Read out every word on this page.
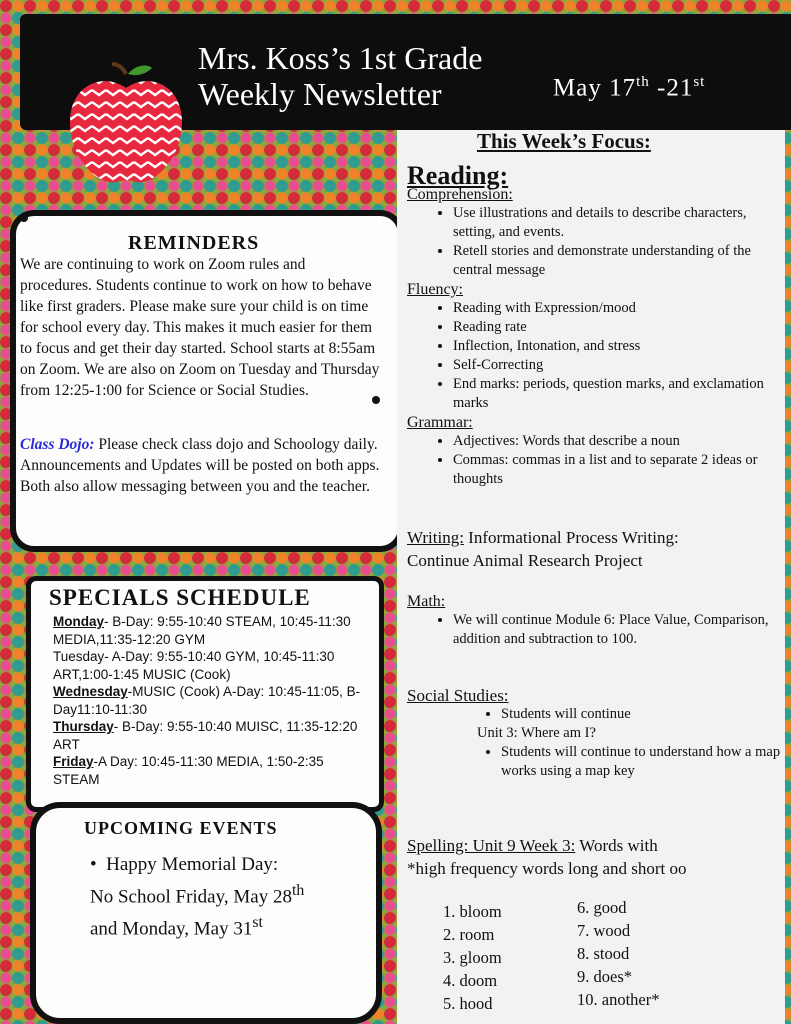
Mrs. Koss’s 1st Grade
Weekly Newsletter	May 17th -21st
REMINDERS
We are continuing to work on Zoom rules and procedures. Students continue to work on how to behave like first graders. Please make sure your child is on time for school every day. This makes it much easier for them to focus and get their day started. School starts at 8:55am on Zoom. We are also on Zoom on Tuesday and Thursday from 12:25-1:00 for Science or Social Studies.
Class Dojo: Please check class dojo and Schoology daily. Announcements and Updates will be posted on both apps. Both also allow messaging between you and the teacher.
SPECIALS SCHEDULE
Monday- B-Day: 9:55-10:40 STEAM, 10:45-11:30 MEDIA,11:35-12:20 GYM
Tuesday- A-Day: 9:55-10:40 GYM, 10:45-11:30 ART,1:00-1:45 MUSIC (Cook)
Wednesday-MUSIC (Cook) A-Day: 10:45-11:05, B-Day11:10-11:30
Thursday- B-Day: 9:55-10:40 MUISC, 11:35-12:20 ART
Friday-A Day: 10:45-11:30 MEDIA, 1:50-2:35 STEAM
UPCOMING EVENTS
• Happy Memorial Day:
No School Friday, May 28th
and Monday, May 31st
This Week’s Focus:
Reading:
Comprehension:
• Use illustrations and details to describe characters, setting, and events.
• Retell stories and demonstrate understanding of the central message
Fluency:
• Reading with Expression/mood
• Reading rate
• Inflection, Intonation, and stress
• Self-Correcting
• End marks: periods, question marks, and exclamation marks
Grammar:
• Adjectives: Words that describe a noun
• Commas: commas in a list and to separate 2 ideas or thoughts
Writing: Informational Process Writing:
Continue Animal Research Project
Math:
• We will continue Module 6: Place Value, Comparison, addition and subtraction to 100.
Social Studies:
• Students will continue
Unit 3: Where am I?
• Students will continue to understand how a map works using a map key
Spelling: Unit 9 Week 3: Words with
*high frequency words long and short oo
1. bloom
2. room
3. gloom
4. doom
5. hood
6. good
7. wood
8. stood
9. does*
10. another*
